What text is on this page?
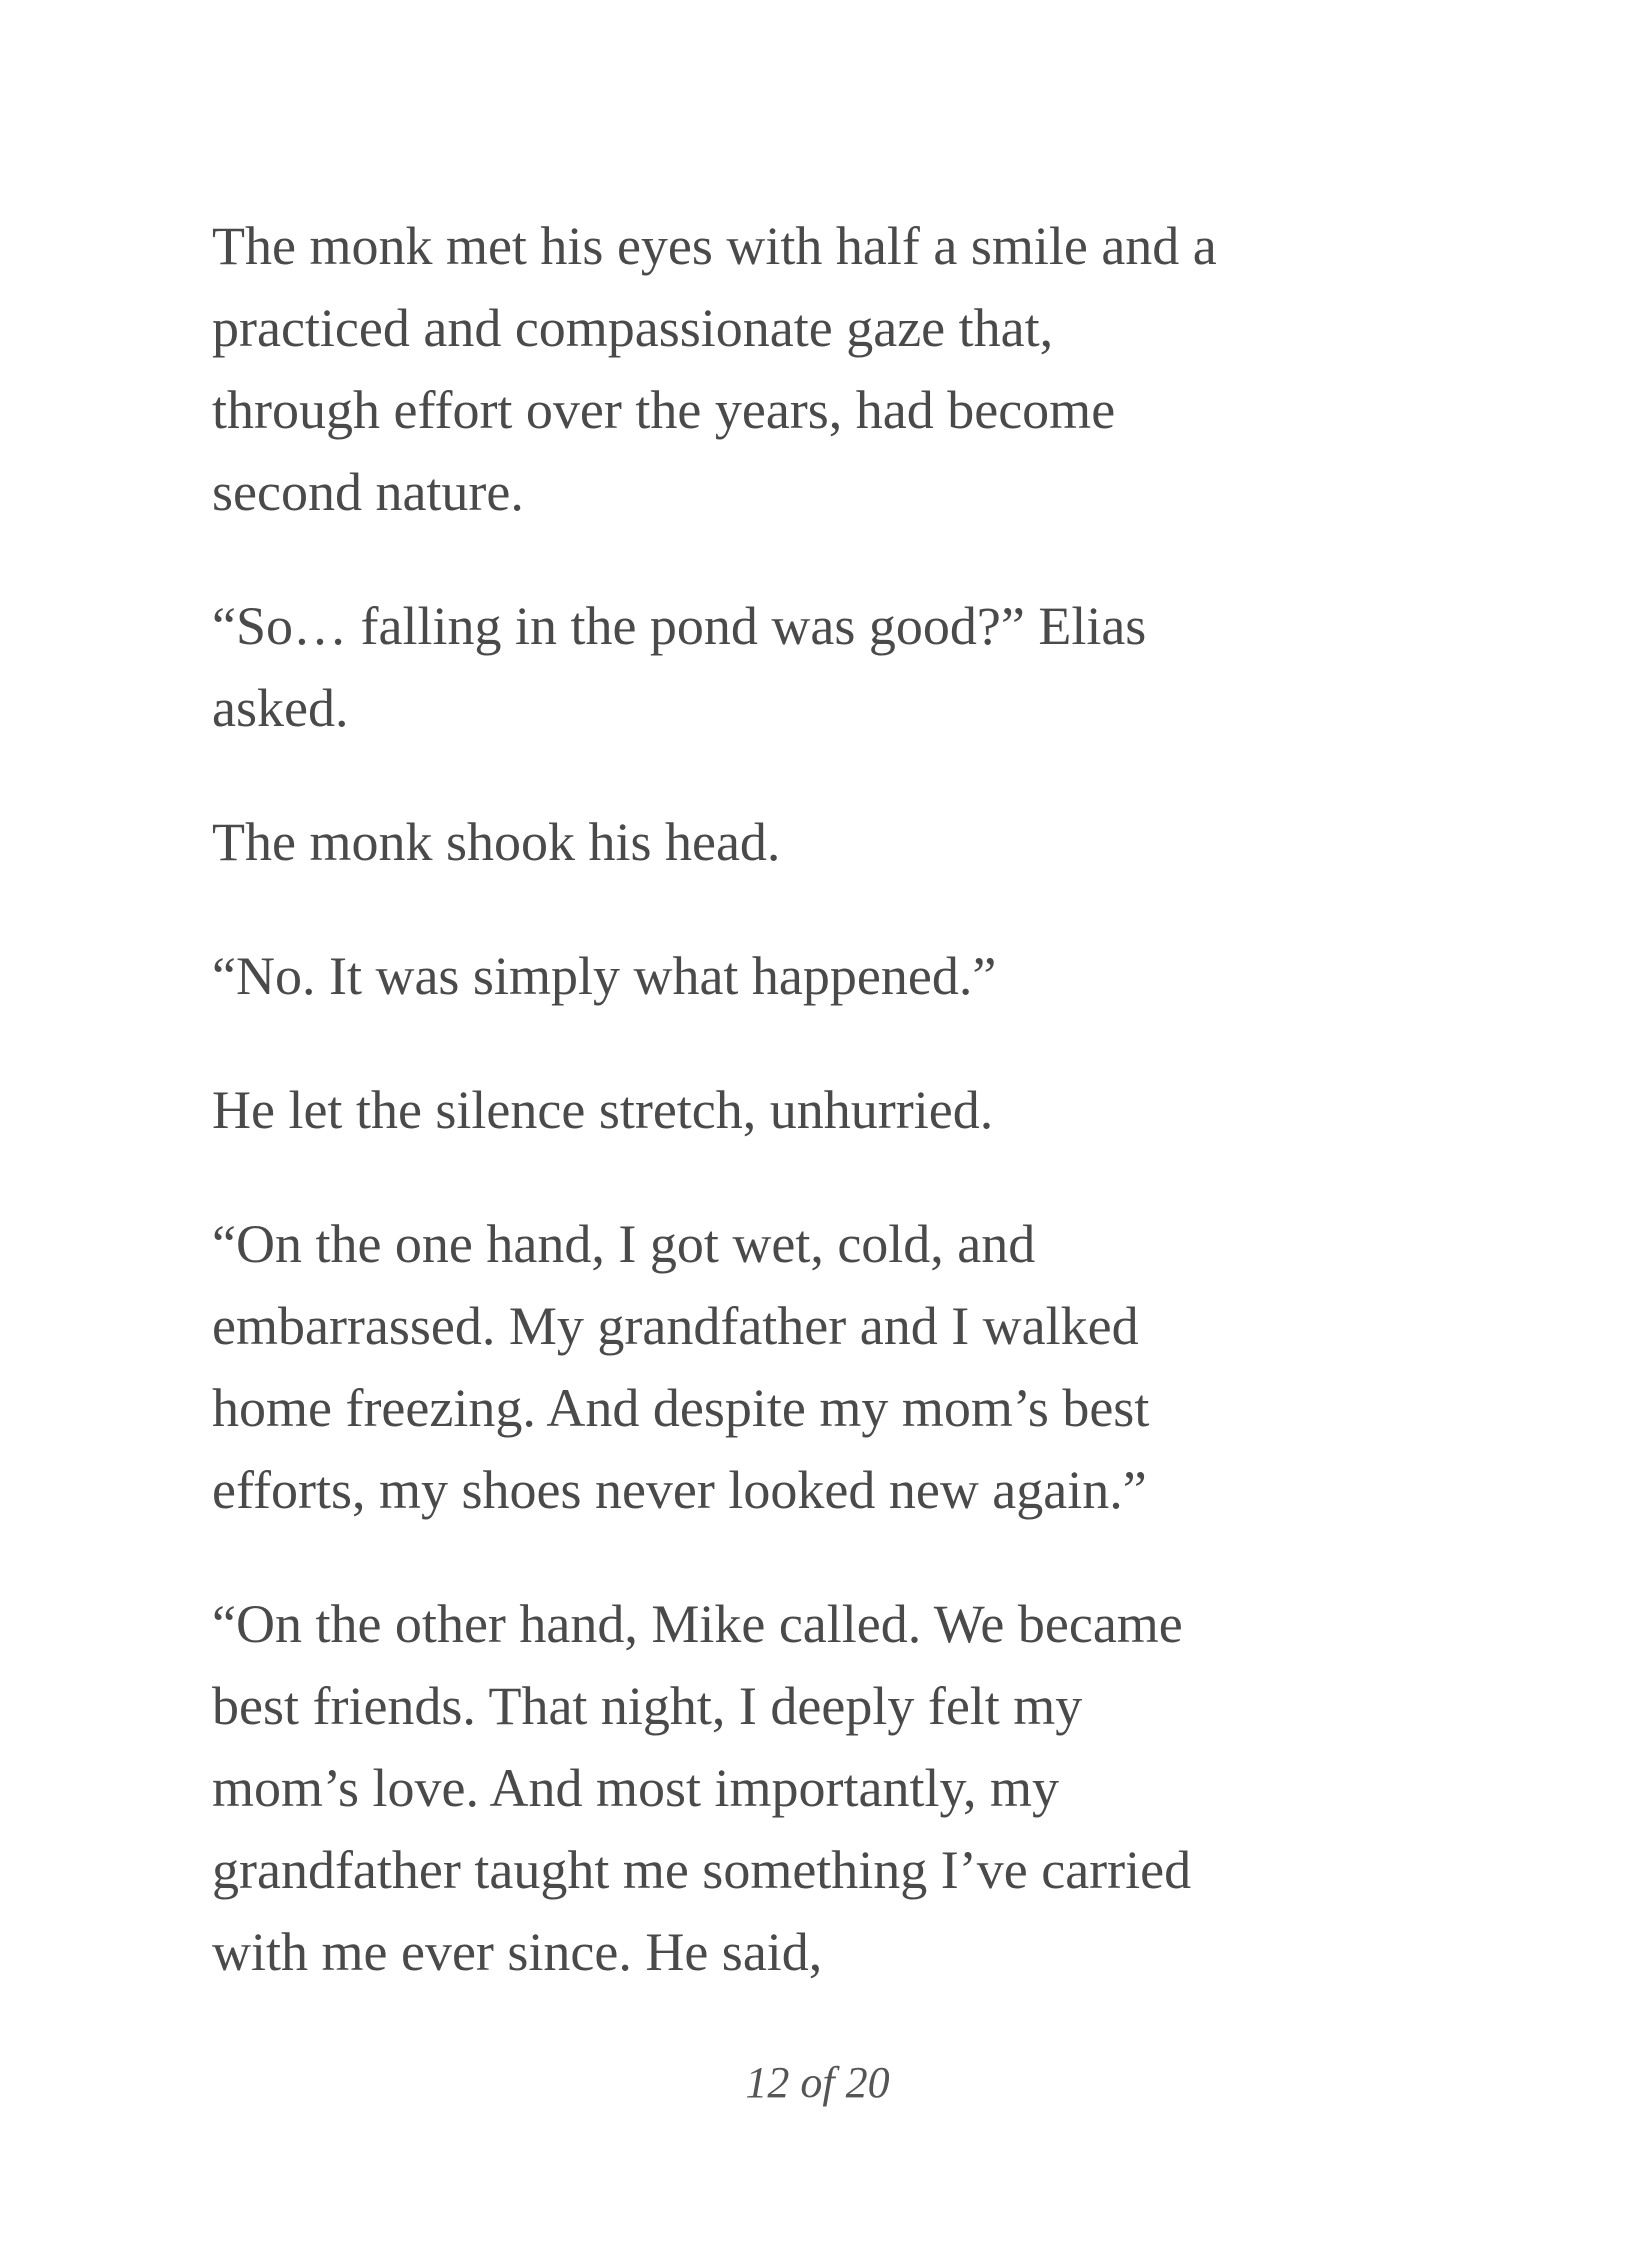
The monk met his eyes with half a smile and a
practiced and compassionate gaze that,
through effort over the years, had become
second nature.

“So… falling in the pond was good?” Elias
asked.

The monk shook his head.

“No. It was simply what happened.”

He let the silence stretch, unhurried.

“On the one hand, I got wet, cold, and
embarrassed. My grandfather and I walked
home freezing. And despite my mom’s best
efforts, my shoes never looked new again.”

“On the other hand, Mike called. We became
best friends. That night, I deeply felt my
mom’s love. And most importantly, my
grandfather taught me something I’ve carried
with me ever since. He said,

12 of 20
